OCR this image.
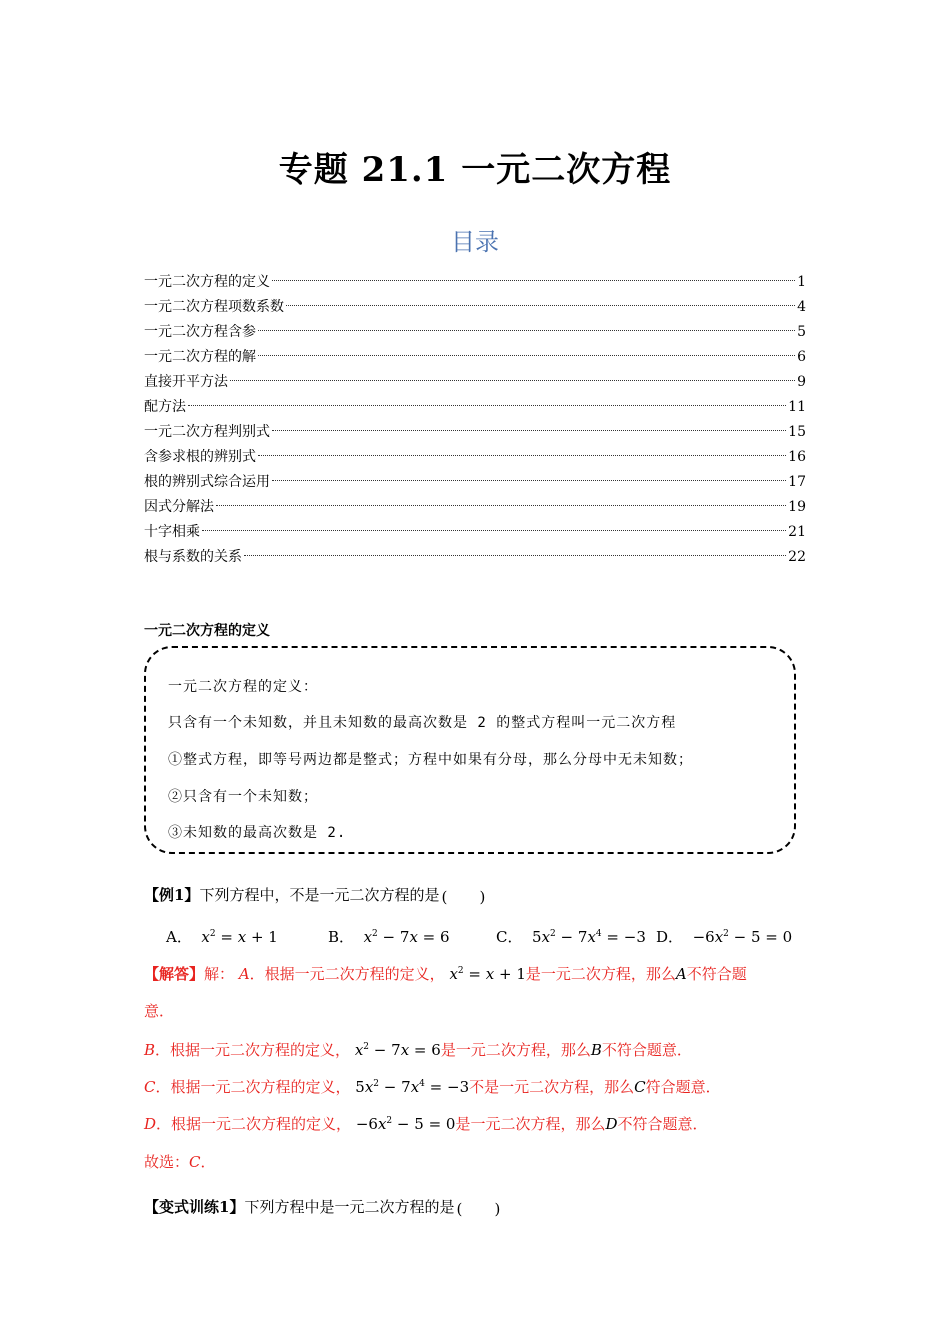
专题 21.1 一元二次方程
目录
一元二次方程的定义	1
一元二次方程项数系数	4
一元二次方程含参	5
一元二次方程的解	6
直接开平方法	9
配方法	11
一元二次方程判别式	15
含参求根的辨别式	16
根的辨别式综合运用	17
因式分解法	19
十字相乘	21
根与系数的关系	22
一元二次方程的定义
一元二次方程的定义：
只含有一个未知数，并且未知数的最高次数是 2 的整式方程叫一元二次方程
①整式方程，即等号两边都是整式；方程中如果有分母，那么分母中无未知数；
②只含有一个未知数；
③未知数的最高次数是 2.
【例1】下列方程中，不是一元二次方程的是 ( )
A． $x^2 = x + 1$	B． $x^2 - 7x = 6$	C．  $5x^2 - 7x^4 = -3$ D．  $-6x^2 - 5 = 0$
【解答】解： A．根据一元二次方程的定义， $x^2 = x + 1$是一元二次方程，那么A不符合题
意．
B．根据一元二次方程的定义， $x^2 - 7x = 6$是一元二次方程，那么B不符合题意．
C．根据一元二次方程的定义， $5x^2 - 7x^4 = -3$不是一元二次方程，那么C符合题意．
D．根据一元二次方程的定义， $-6x^2 - 5 = 0$是一元二次方程，那么D不符合题意．
故选：C．
【变式训练1】下列方程中是一元二次方程的是 ( )
